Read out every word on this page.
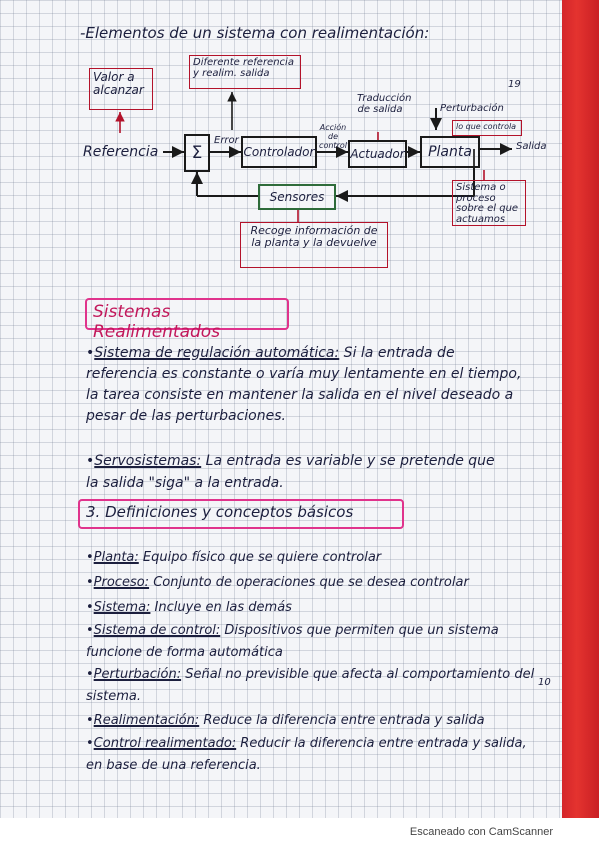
-Elementos de un sistema con realimentación:
Valor a alcanzar
Diferente referencia y realim. salida
Referencia Σ
Error
Controlador
Acción de control
Traducción de salida
Actuador
Perturbación
lo que controla
19
Planta	Salida
Sensores
Sistema o proceso sobre el que actuamos
Recoge información de la planta y la devuelve
Sistemas Realimentados
•Sistema de regulación automática: Si la entrada de referencia es constante o varía muy lentamente en el tiempo, la tarea consiste en mantener la salida en el nivel deseado a pesar de las perturbaciones.
•Servosistemas: La entrada es variable y se pretende que la salida "siga" a la entrada.
3. Definiciones y conceptos básicos
•Planta: Equipo físico que se quiere controlar
•Proceso: Conjunto de operaciones que se desea controlar
•Sistema: Incluye en las demás
•Sistema de control: Dispositivos que permiten que un sistema funcione de forma automática
•Perturbación: Señal no previsible que afecta al comportamiento del sistema.
•Realimentación: Reduce la diferencia entre entrada y salida
•Control realimentado: Reducir la diferencia entre entrada y salida, en base de una referencia.
10
Escaneado con CamScanner
